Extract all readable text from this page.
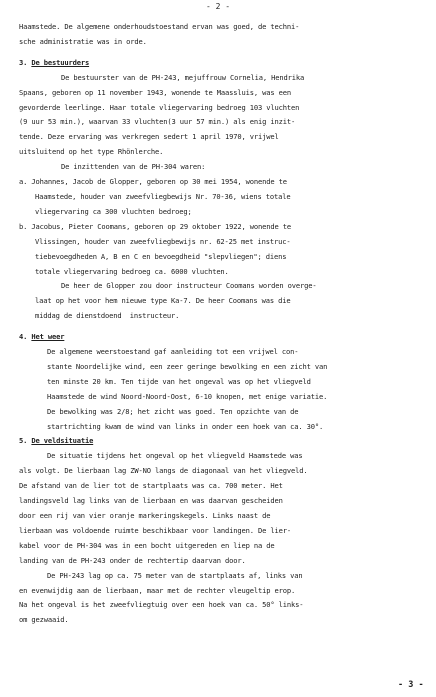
- 2 -
Haamstede. De algemene onderhoudstoestand ervan was goed, de techni-
sche administratie was in orde.
3. De bestuurders
De bestuurster van de PH-243, mejuffrouw Cornelia, Hendrika
Spaans, geboren op 11 november 1943, wonende te Maassluis, was een
gevorderde leerlinge. Haar totale vliegervaring bedroeg 103 vluchten
(9 uur 53 min.), waarvan 33 vluchten(3 uur 57 min.) als enig inzit-
tende. Deze ervaring was verkregen sedert 1 april 1970, vrijwel
uitsluitend op het type Rhönlerche.
De inzittenden van de PH-304 waren:
a. Johannes, Jacob de Glopper, geboren op 30 mei 1954, wonende te
Haamstede, houder van zweefvliegbewijs Nr. 70-36, wiens totale
vliegervaring ca 300 vluchten bedroeg;
b. Jacobus, Pieter Coomans, geboren op 29 oktober 1922, wonende te
Vlissingen, houder van zweefvliegbewijs nr. 62-25 met instruc-
tiebevoegdheden A, B en C en bevoegdheid "slepvliegen"; diens
totale vliegervaring bedroeg ca. 6000 vluchten.
De heer de Glopper zou door instructeur Coomans worden overge-
laat op het voor hem nieuwe type Ka-7. De heer Coomans was die
middag de dienstdoend  instructeur.
4. Het weer
De algemene weerstoestand gaf aanleiding tot een vrijwel con-
stante Noordelijke wind, een zeer geringe bewolking en een zicht van
ten minste 20 km. Ten tijde van het ongeval was op het vliegveld
Haamstede de wind Noord-Noord-Oost, 6-10 knopen, met enige variatie.
De bewolking was 2/8; het zicht was goed. Ten opzichte van de
startrichting kwam de wind van links in onder een hoek van ca. 30°.
5. De veldsituatie
De situatie tijdens het ongeval op het vliegveld Haamstede was
als volgt. De lierbaan lag ZW-NO langs de diagonaal van het vliegveld.
De afstand van de lier tot de startplaats was ca. 700 meter. Het
landingsveld lag links van de lierbaan en was daarvan gescheiden
door een rij van vier oranje markeringskegels. Links naast de
lierbaan was voldoende ruimte beschikbaar voor landingen. De lier-
kabel voor de PH-304 was in een bocht uitgereden en liep na de
landing van de PH-243 onder de rechtertip daarvan door.
De PH-243 lag op ca. 75 meter van de startplaats af, links van
en evenwijdig aan de lierbaan, maar met de rechter vleugeltip erop.
Na het ongeval is het zweefvliegtuig over een hoek van ca. 50° links-
om gezwaaid.
- 3 -
